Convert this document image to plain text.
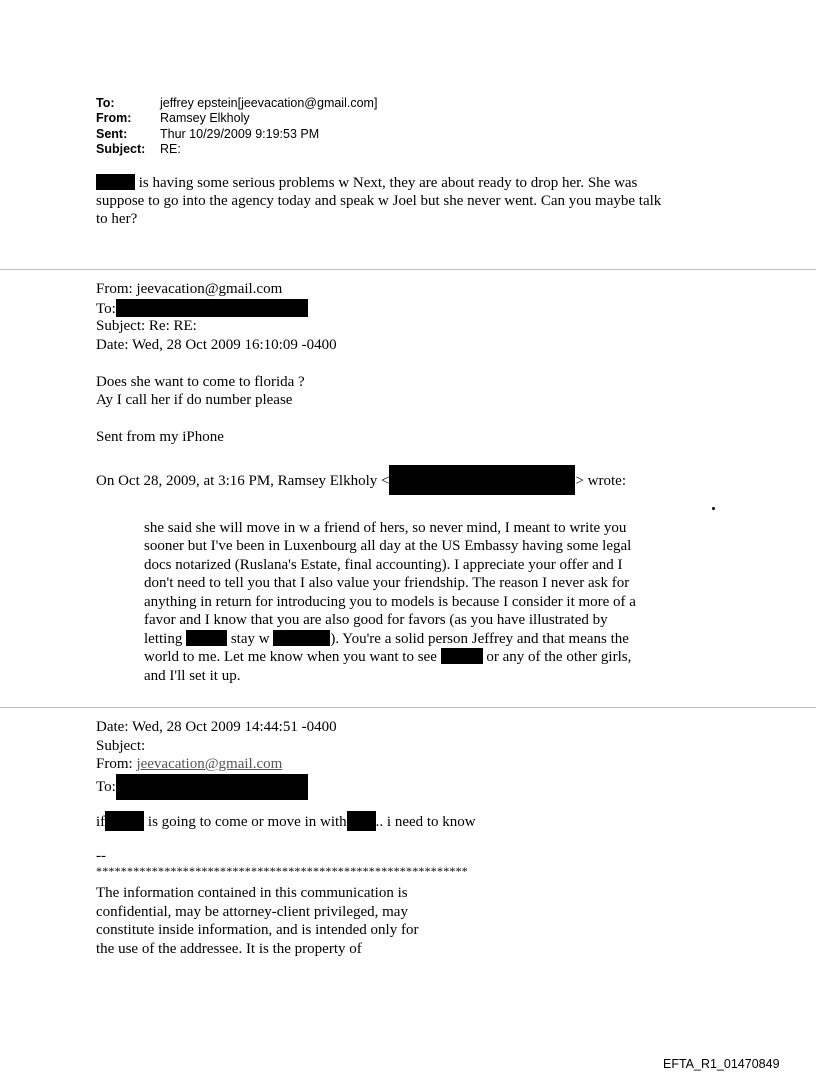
To:	jeffrey epstein[jeevacation@gmail.com]
From: Ramsey Elkholy
Sent:	Thur 10/29/2009 9:19:53 PM
Subject: RE:
is having some serious problems w Next, they are about ready to drop her. She was
suppose to go into the agency today and speak w Joel but she never went. Can you maybe talk
to her?
From: jeevacation@gmail.com
To:
Subject: Re: RE:
Date: Wed, 28 Oct 2009 16:10:09 -0400
Does she want to come to florida ?
Ay I call her if do number please
Sent from my iPhone
On Oct 28, 2009, at 3:16 PM, Ramsey Elkholy <	> wrote:
she said she will move in w a friend of hers, so never mind, I meant to write you
sooner but I've been in Luxenbourg all day at the US Embassy having some legal
docs notarized (Ruslana's Estate, final accounting). I appreciate your offer and I
don't need to tell you that I also value your friendship. The reason I never ask for
anything in return for introducing you to models is because I consider it more of a
favor and I know that you are also good for favors (as you have illustrated by
letting	stay w	). You're a solid person Jeffrey and that means the
world to me. Let me know when you want to see	or any of the other girls,
and I'll set it up.
Date: Wed, 28 Oct 2009 14:44:51 -0400
Subject:
From: jeevacation@gmail.com
To:
if	is going to come or move in with .. i need to know
--
************************************************************
The information contained in this communication is
confidential, may be attorney-client privileged, may
constitute inside information, and is intended only for
the use of the addressee. It is the property of
EFTA_R1_01470849
